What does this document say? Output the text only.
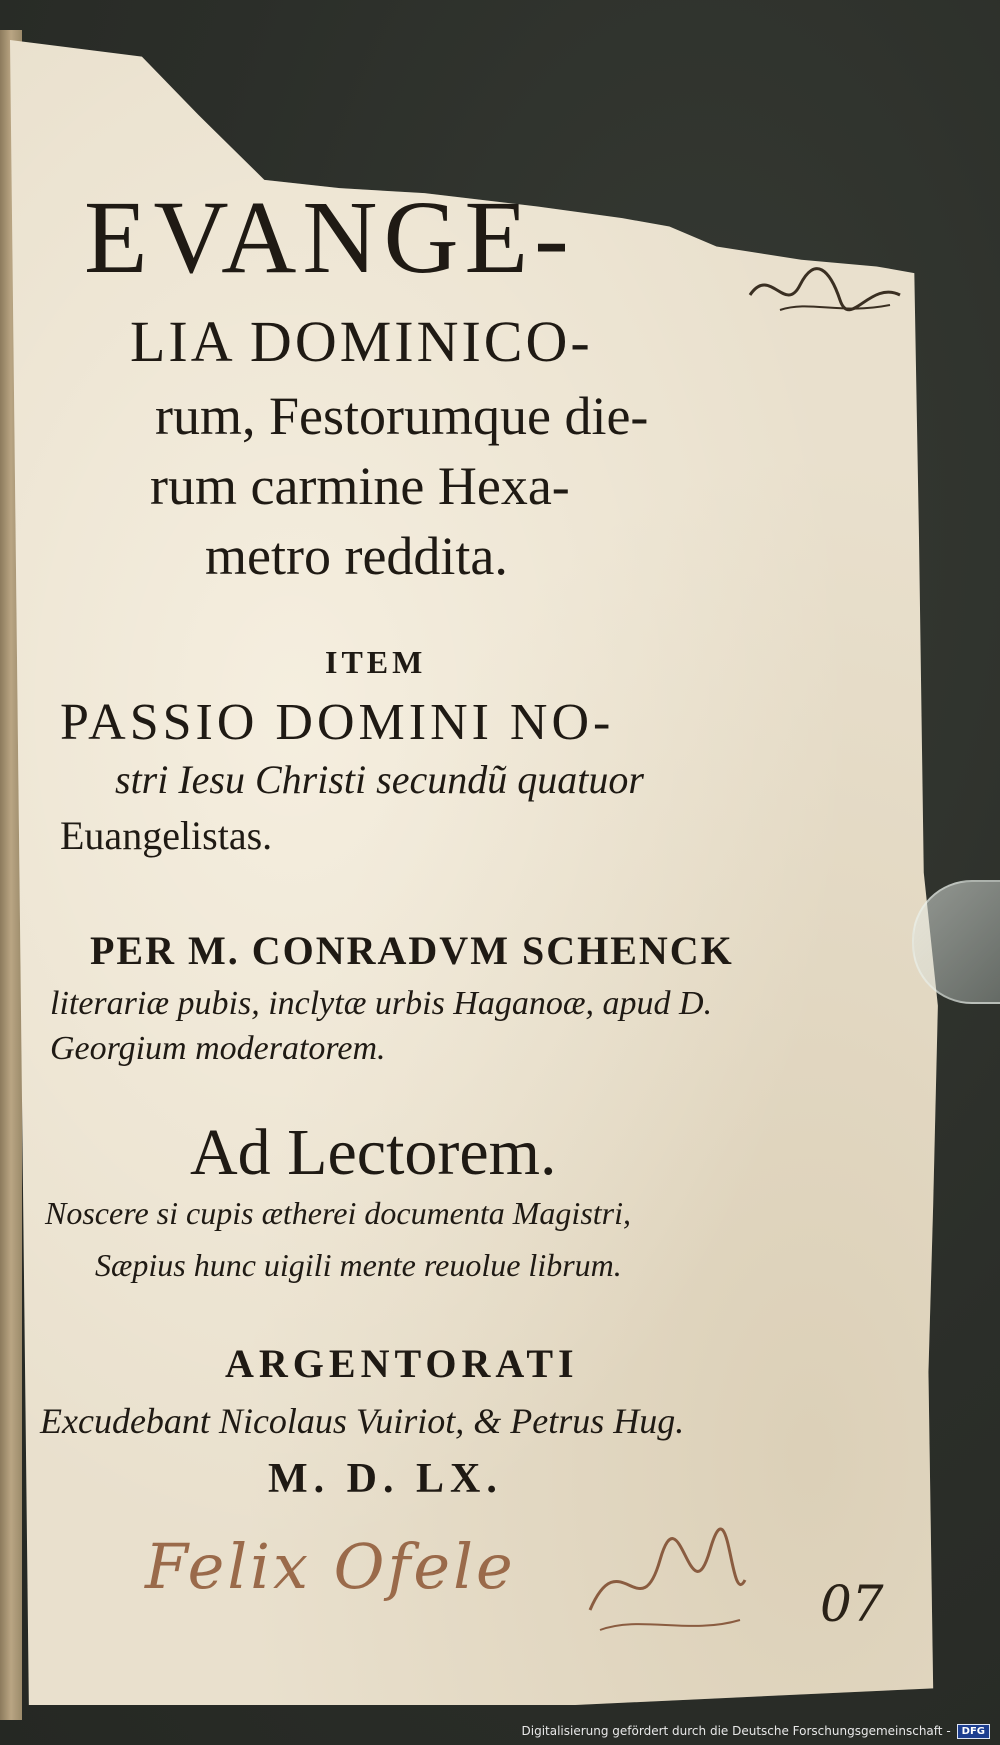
EVANGE-
LIA DOMINICO-
rum, Festorumque die-
rum carmine Hexa-
metro reddita.
ITEM
PASSIO DOMINI NO-
stri Iesu Christi secundũ quatuor
Euangelistas.
PER M. CONRADVM SCHENCK
literariæ pubis, inclytæ urbis Haganoæ, apud D.
Georgium moderatorem.
Ad Lectorem.
Noscere si cupis ætherei documenta Magistri,
Sæpius hunc uigili mente reuolue librum.
ARGENTORATI
Excudebant Nicolaus Vuiriot, & Petrus Hug.
M. D. LX.
Felix Ofele
07
Digitalisierung gefördert durch die Deutsche Forschungsgemeinschaft -	DFG
